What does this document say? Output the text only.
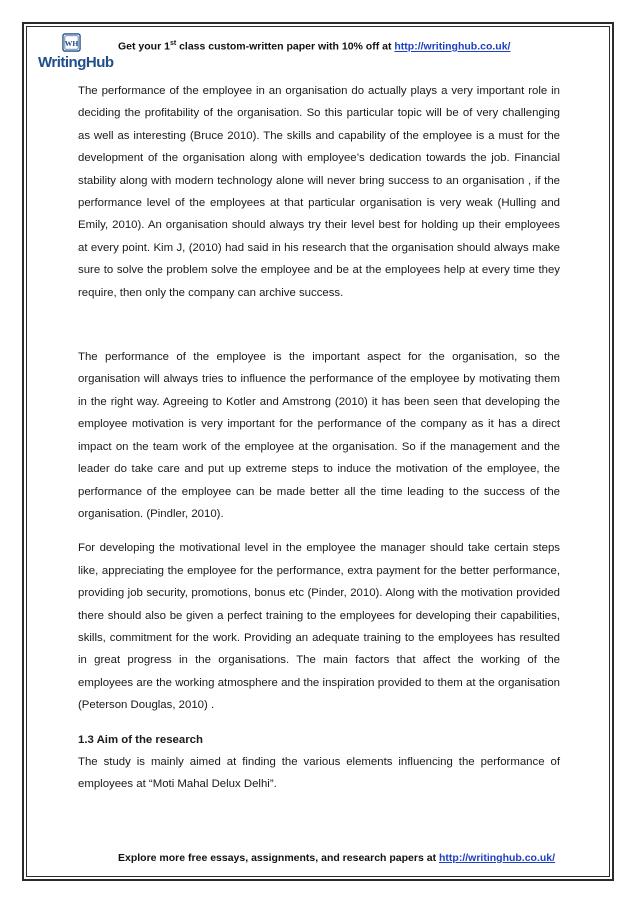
WH
WritingHub
Get your 1st class custom-written paper with 10% off at http://writinghub.co.uk/

The performance of the employee in an organisation do actually plays a very important role in deciding the profitability of the organisation. So this particular topic will be of very challenging as well as interesting (Bruce 2010). The skills and capability of the employee is a must for the development of the organisation along with employee’s dedication towards the job. Financial stability along with modern technology alone will never bring success to an organisation , if the performance level of the employees at that particular organisation is very weak (Hulling and Emily, 2010). An organisation should always try their level best for holding up their employees at every point. Kim J, (2010) had said in his research that the organisation should always make sure to solve the problem solve the employee and be at the employees help at every time they require, then only the company can archive success.

The performance of the employee is the important aspect for the organisation, so the organisation will always tries to influence the performance of the employee by motivating them in the right way. Agreeing to Kotler and Amstrong (2010) it has been seen that developing the employee motivation is very important for the performance of the company as it has a direct impact on the team work of the employee at the organisation. So if the management and the leader do take care and put up extreme steps to induce the motivation of the employee, the performance of the employee can be made better all the time leading to the success of the organisation. (Pindler, 2010).

For developing the motivational level in the employee the manager should take certain steps like, appreciating the employee for the performance, extra payment for the better performance, providing job security, promotions, bonus etc (Pinder, 2010). Along with the motivation provided there should also be given a perfect training to the employees for developing their capabilities, skills, commitment for the work. Providing an adequate training to the employees has resulted in great progress in the organisations. The main factors that affect the working of the employees are the working atmosphere and the inspiration provided to them at the organisation (Peterson Douglas, 2010) .

1.3 Aim of the research

The study is mainly aimed at finding the various elements influencing the performance of employees at “Moti Mahal Delux Delhi”.

Explore more free essays, assignments, and research papers at http://writinghub.co.uk/
